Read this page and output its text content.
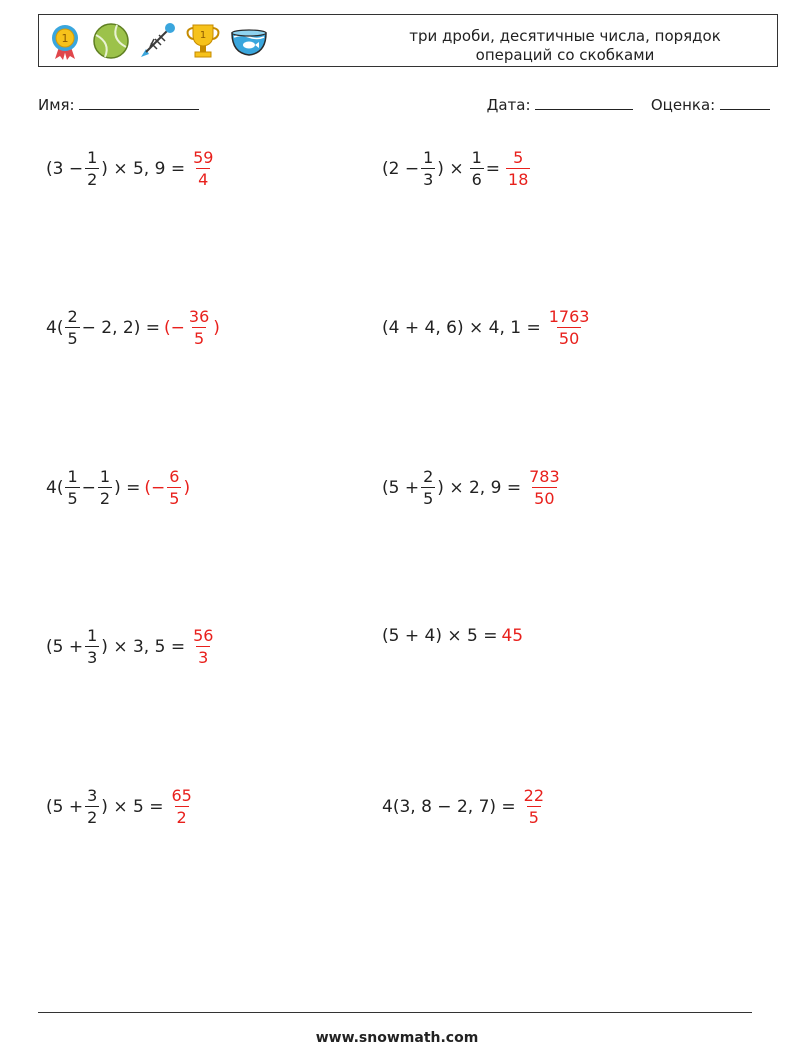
1	1	три дроби, десятичные числа, порядок
операций со скобками
Имя:	Дата:	Оценка:
($3 - \frac{1}{2}$ ) × 5, $9 = \frac{59}{4}$	($2 - \frac{1}{3}$ ) × $\frac{1}{6} = \frac{5}{18}$
$4( \frac{2}{5} - 2$, 2) = (− $\frac{36}{5}$ )	(4 + 4, 6) × 4, $1 = \frac{1763}{50}$
$4( \frac{1}{5} - \frac{1}{2}$ ) = (− $\frac{6}{5}$ )	($5 + \frac{2}{5}$ ) × 2, $9 = \frac{783}{50}$
($5 + \frac{1}{3}$ ) × 3, $5 = \frac{56}{3}$	(5 + 4) × 5 = 45
($5 + \frac{3}{2}$ ) × $5 = \frac{65}{2}$	4(3, 8 − 2, $7) = \frac{22}{5}$
www.snowmath.com
